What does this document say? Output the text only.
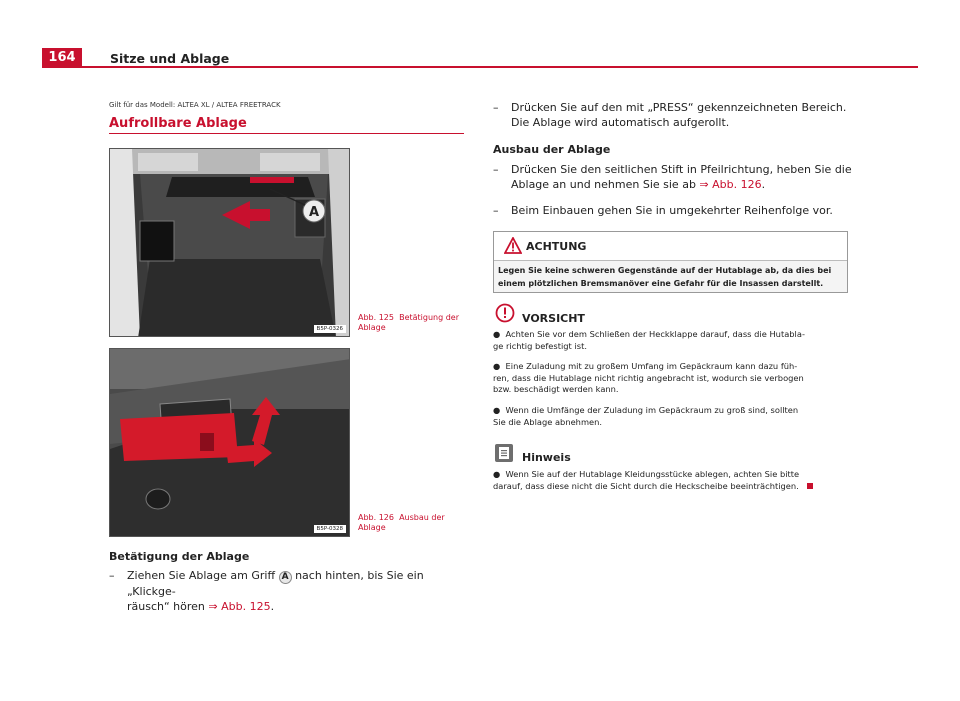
164	Sitze und Ablage
Gilt für das Modell: ALTEA XL / ALTEA FREETRACK
Aufrollbare Ablage
A
B5P-0326
Abb. 125 Betätigung der
Ablage
B5P-0328
Abb. 126 Ausbau der
Ablage
Betätigung der Ablage
– Ziehen Sie Ablage am Griff A nach hinten, bis Sie ein „Klickge-
räusch“ hören ⇒ Abb. 125.
– Drücken Sie auf den mit „PRESS“ gekennzeichneten Bereich.
Die Ablage wird automatisch aufgerollt.
Ausbau der Ablage
– Drücken Sie den seitlichen Stift in Pfeilrichtung, heben Sie die
Ablage an und nehmen Sie sie ab ⇒ Abb. 126.
– Beim Einbauen gehen Sie in umgekehrter Reihenfolge vor.
ACHTUNG
Legen Sie keine schweren Gegenstände auf der Hutablage ab, da dies bei
einem plötzlichen Bremsmanöver eine Gefahr für die Insassen darstellt.
VORSICHT
● Achten Sie vor dem Schließen der Heckklappe darauf, dass die Hutabla-
ge richtig befestigt ist.
● Eine Zuladung mit zu großem Umfang im Gepäckraum kann dazu füh-
ren, dass die Hutablage nicht richtig angebracht ist, wodurch sie verbogen
bzw. beschädigt werden kann.
● Wenn die Umfänge der Zuladung im Gepäckraum zu groß sind, sollten
Sie die Ablage abnehmen.
Hinweis
● Wenn Sie auf der Hutablage Kleidungsstücke ablegen, achten Sie bitte
darauf, dass diese nicht die Sicht durch die Heckscheibe beeinträchtigen.
